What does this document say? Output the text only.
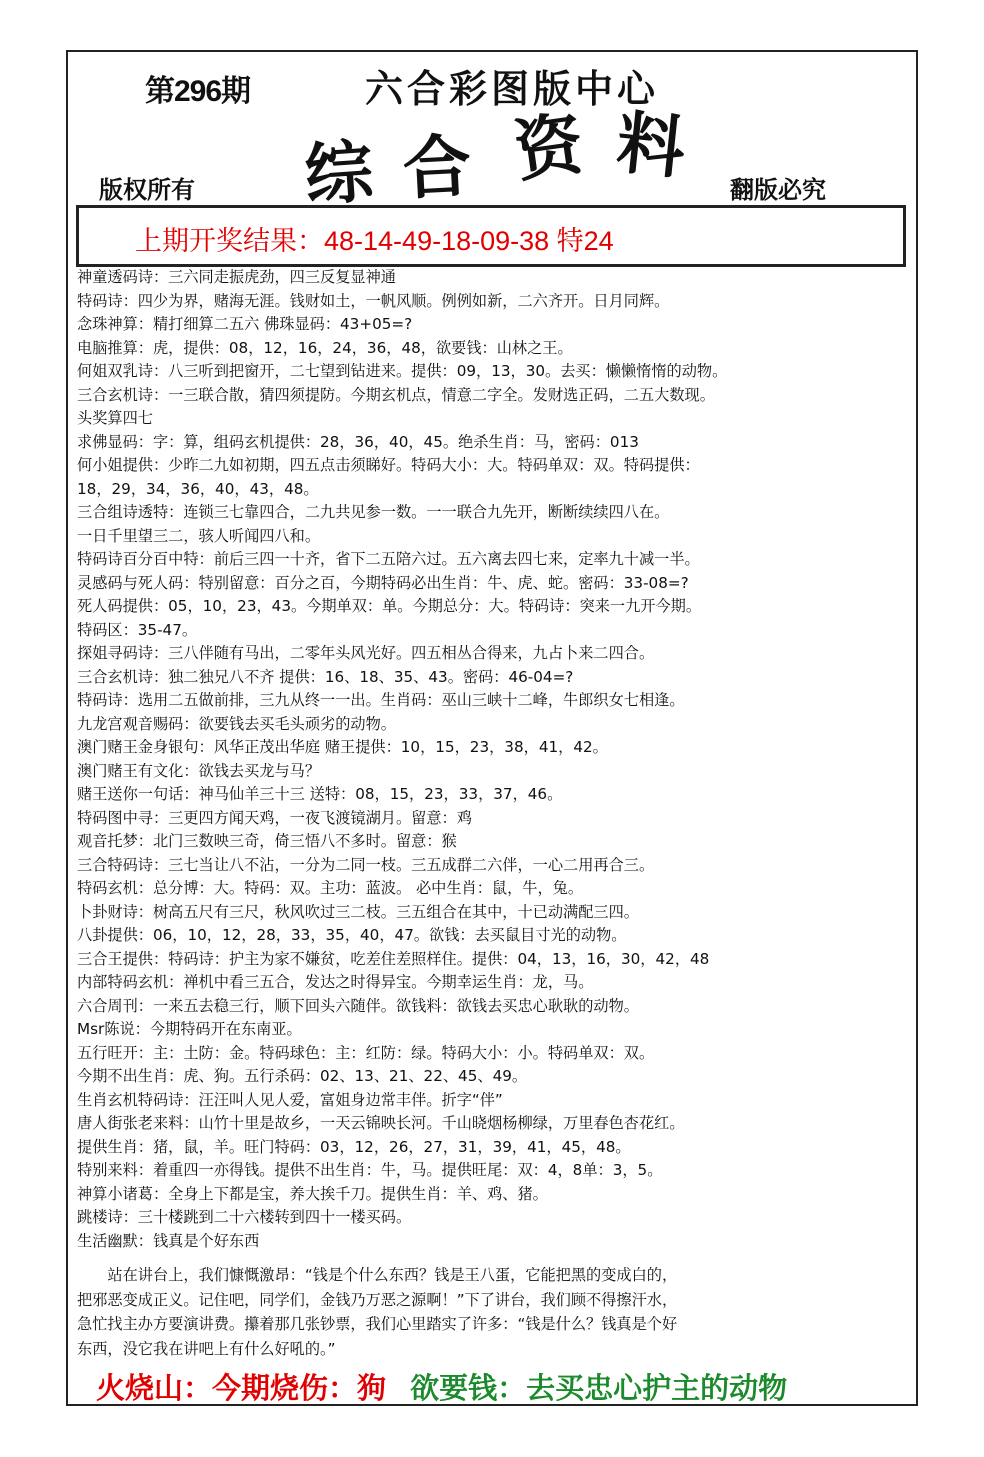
第296期	六合彩图版中心
综 合 资 料
版权所有	翻版必究
上期开奖结果：48-14-49-18-09-38 特24
神童透码诗：三六同走振虎劲，四三反复显神通
特码诗：四少为界，赌海无涯。钱财如土，一帆风顺。例例如新，二六齐开。日月同辉。
念珠神算：精打细算二五六 佛珠显码：43+05=?
电脑推算：虎，提供：08，12，16，24，36，48，欲要钱：山林之王。
何姐双乳诗：八三听到把窗开，二七望到钻进来。提供：09，13，30。去买：懒懒惰惰的动物。
三合玄机诗：一三联合散，猜四须提防。今期玄机点，情意二字全。发财选正码，二五大数现。
头奖算四七
求佛显码：字：算，组码玄机提供：28，36，40，45。绝杀生肖：马，密码：013
何小姐提供：少昨二九如初期，四五点击须睇好。特码大小：大。特码单双：双。特码提供：
18，29，34，36，40，43，48。
三合组诗透特：连锁三七靠四合，二九共见参一数。一一联合九先开，断断续续四八在。
一日千里望三二，骇人听闻四八和。
特码诗百分百中特：前后三四一十齐，省下二五陪六过。五六离去四七来，定率九十减一半。
灵感码与死人码：特别留意：百分之百，今期特码必出生肖：牛、虎、蛇。密码：33-08=?
死人码提供：05，10，23，43。今期单双：单。今期总分：大。特码诗：突来一九开今期。
特码区：35-47。
探姐寻码诗：三八伴随有马出，二零年头风光好。四五相丛合得来，九占卜来二四合。
三合玄机诗：独二独兄八不齐 提供：16、18、35、43。密码：46-04=?
特码诗：选用二五做前排，三九从终一一出。生肖码：巫山三峡十二峰，牛郎织女七相逢。
九龙宫观音赐码：欲要钱去买毛头顽劣的动物。
澳门赌王金身银句：风华正茂出华庭 赌王提供：10，15，23，38，41，42。
澳门赌王有文化：欲钱去买龙与马？
赌王送你一句话：神马仙羊三十三 送特：08，15，23，33，37，46。
特码图中寻：三更四方闻天鸡，一夜飞渡镜湖月。留意：鸡
观音托梦：北门三数映三奇，倚三悟八不多时。留意：猴
三合特码诗：三七当让八不沾，一分为二同一枝。三五成群二六伴，一心二用再合三。
特码玄机：总分博：大。特码：双。主功：蓝波。 必中生肖：鼠，牛，兔。
卜卦财诗：树高五尺有三尺，秋风吹过三二枝。三五组合在其中，十已动满配三四。
八卦提供：06，10，12，28，33，35，40，47。欲钱：去买鼠目寸光的动物。
三合王提供：特码诗：护主为家不嫌贫，吃差住差照样住。提供：04，13，16，30，42，48
内部特码玄机：禅机中看三五合，发达之时得异宝。今期幸运生肖：龙，马。
六合周刊：一来五去稳三行，顺下回头六随伴。欲钱料：欲钱去买忠心耿耿的动物。
Msr陈说：今期特码开在东南亚。
五行旺开：主：土防：金。特码球色：主：红防：绿。特码大小：小。特码单双：双。
今期不出生肖：虎、狗。五行杀码：02、13、21、22、45、49。
生肖玄机特码诗：汪汪叫人见人爱，富姐身边常丰伴。折字“伴”
唐人街张老来料：山竹十里是故乡，一天云锦映长河。千山晓烟杨柳绿，万里春色杏花红。
提供生肖：猪，鼠，羊。旺门特码：03，12，26，27，31，39，41，45，48。
特别来料：着重四一亦得钱。提供不出生肖：牛，马。提供旺尾：双：4，8单：3，5。
神算小诸葛：全身上下都是宝，养大挨千刀。提供生肖：羊、鸡、猪。
跳楼诗：三十楼跳到二十六楼转到四十一楼买码。
生活幽默：钱真是个好东西

　　站在讲台上，我们慷慨激昂：“钱是个什么东西？钱是王八蛋，它能把黑的变成白的，

把邪恶变成正义。记住吧，同学们，金钱乃万恶之源啊！”下了讲台，我们顾不得擦汗水，

急忙找主办方要演讲费。攥着那几张钞票，我们心里踏实了许多：“钱是什么？钱真是个好

东西，没它我在讲吧上有什么好吼的。”

火烧山：今期烧伤：狗 欲要钱：去买忠心护主的动物
